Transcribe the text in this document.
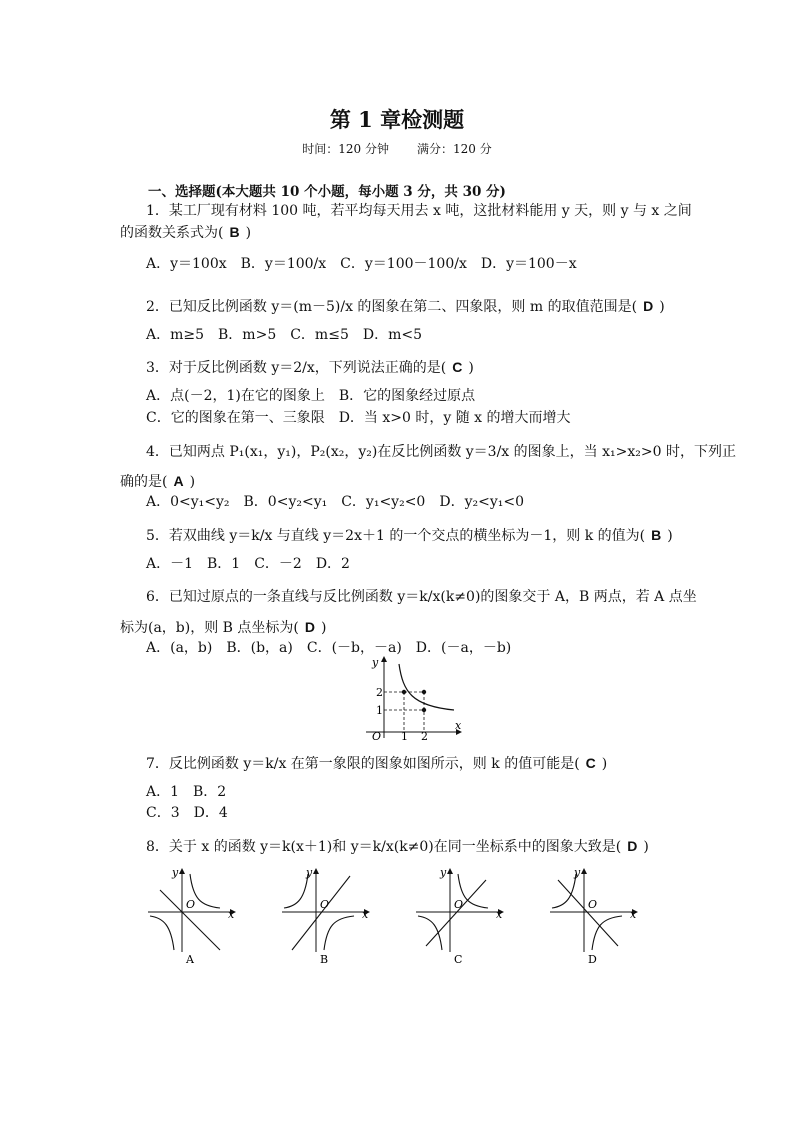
第 1 章检测题
时间：120 分钟 满分：120 分
一、选择题(本大题共 10 个小题，每小题 3 分，共 30 分)
1．某工厂现有材料 100 吨，若平均每天用去 x 吨，这批材料能用 y 天，则 y 与 x 之间
的函数关系式为( B )
A．y＝100x　B．y＝100/x　C．y＝100－100/x　D．y＝100－x
2．已知反比例函数 y＝(m－5)/x 的图象在第二、四象限，则 m 的取值范围是( D )
A．m≥5　B．m>5　C．m≤5　D．m<5
3．对于反比例函数 y＝2/x，下列说法正确的是( C )
A．点(－2，1)在它的图象上　B．它的图象经过原点
C．它的图象在第一、三象限　D．当 x>0 时，y 随 x 的增大而增大
4．已知两点 P₁(x₁，y₁)，P₂(x₂，y₂)在反比例函数 y＝3/x 的图象上，当 x₁>x₂>0 时，下列正
确的是( A )
A．0<y₁<y₂　B．0<y₂<y₁　C．y₁<y₂<0　D．y₂<y₁<0
5．若双曲线 y＝k/x 与直线 y＝2x＋1 的一个交点的横坐标为－1，则 k 的值为( B )
A．－1　B．1　C．－2　D．2
6．已知过原点的一条直线与反比例函数 y＝k/x(k≠0)的图象交于 A，B 两点，若 A 点坐
标为(a，b)，则 B 点坐标为( D )
A．(a，b)　B．(b，a)　C．(－b，－a)　D．(－a，－b)
y
x
O
2
1
1 2
7．反比例函数 y＝k/x 在第一象限的图象如图所示，则 k 的值可能是( C )
A．1　B．2
C．3　D．4
8．关于 x 的函数 y＝k(x＋1)和 y＝k/x(k≠0)在同一坐标系中的图象大致是( D )
y
x
O
A
y
x
O
B
y
x
O
C
y
x
O
D
